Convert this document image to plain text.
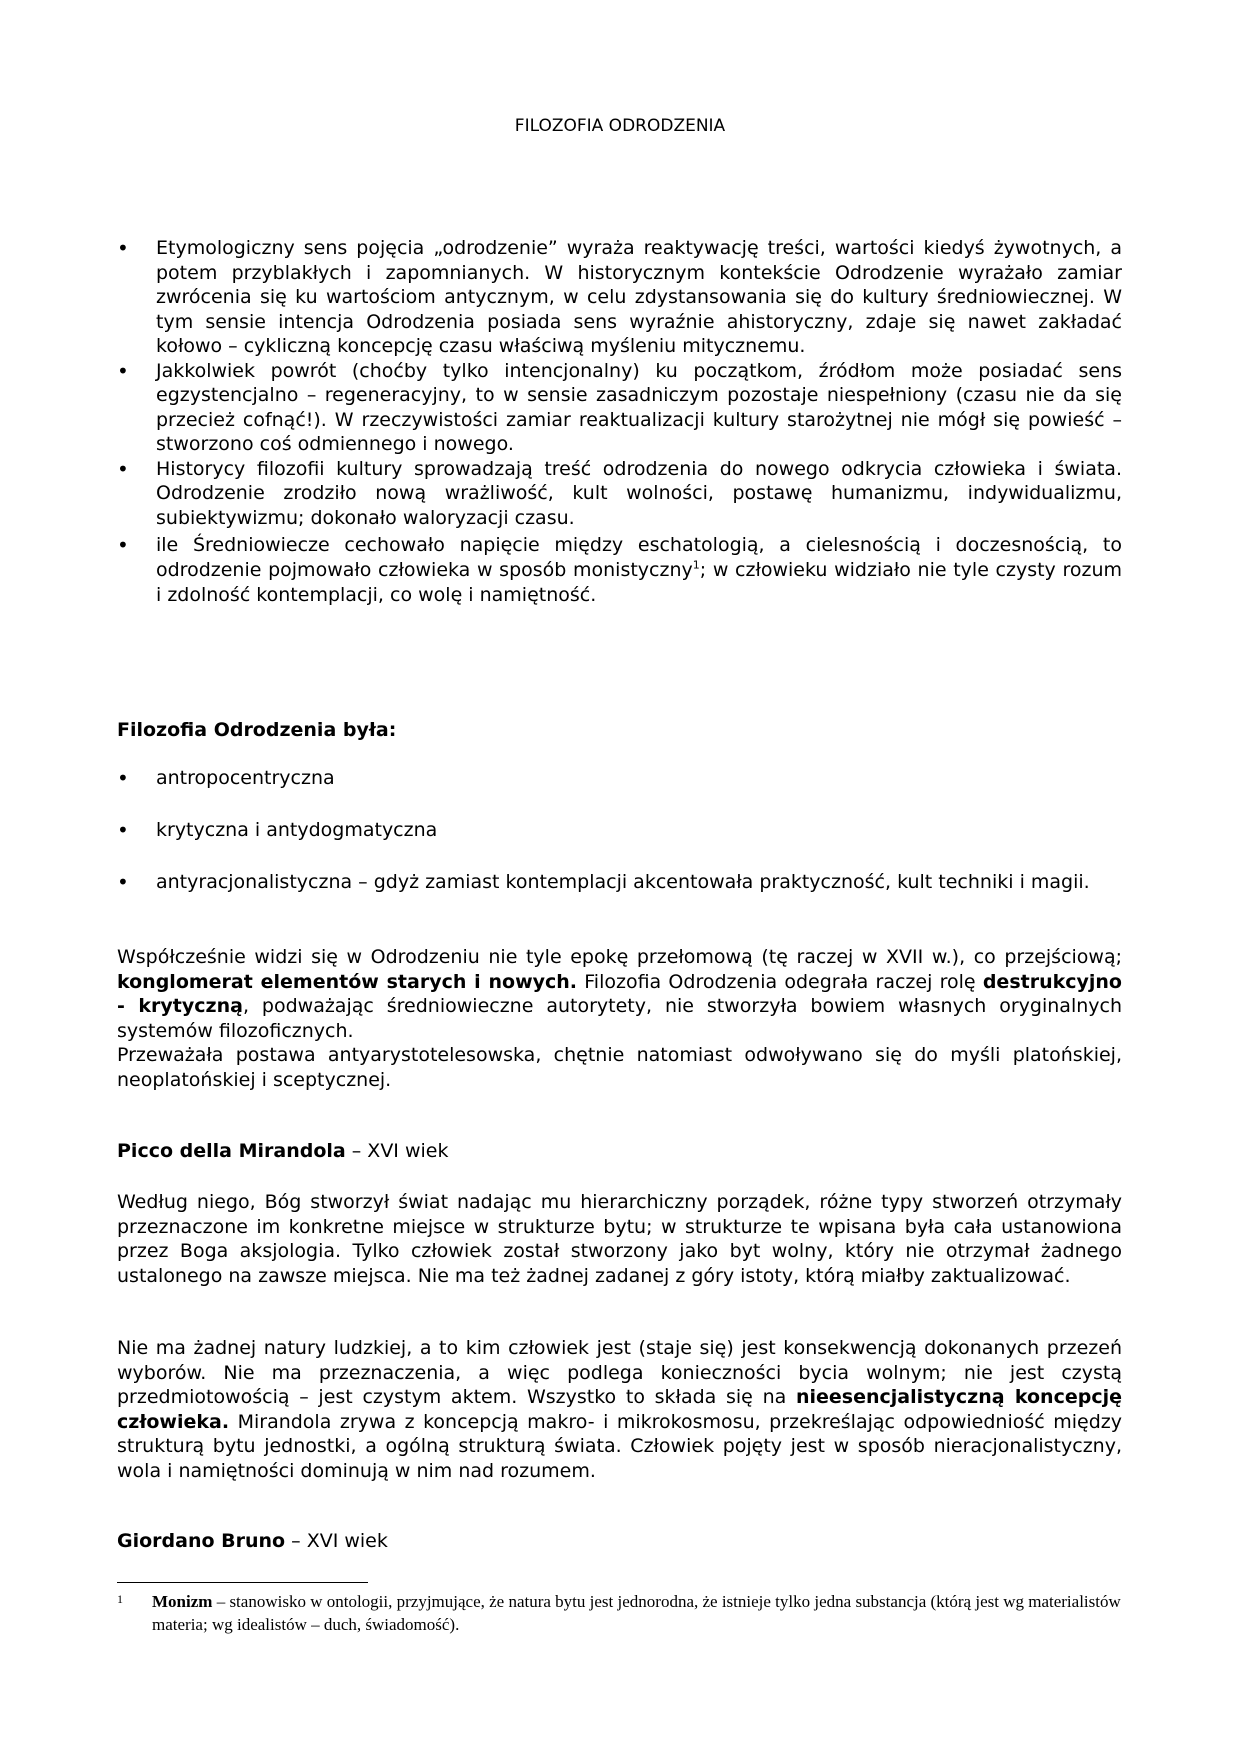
FILOZOFIA ODRODZENIA
• Etymologiczny sens pojęcia „odrodzenie” wyraża reaktywację treści, wartości kiedyś żywotnych, a potem przyblakłych i zapomnianych. W historycznym kontekście Odrodzenie wyrażało zamiar zwrócenia się ku wartościom antycznym, w celu zdystansowania się do kultury średniowiecznej. W tym sensie intencja Odrodzenia posiada sens wyraźnie ahistoryczny, zdaje się nawet zakładać kołowo – cykliczną koncepcję czasu właściwą myśleniu mitycznemu.
• Jakkolwiek powrót (choćby tylko intencjonalny) ku początkom, źródłom może posiadać sens egzystencjalno – regeneracyjny, to w sensie zasadniczym pozostaje niespełniony (czasu nie da się przecież cofnąć!). W rzeczywistości zamiar reaktualizacji kultury starożytnej nie mógł się powieść – stworzono coś odmiennego i nowego.
• Historycy filozofii kultury sprowadzają treść odrodzenia do nowego odkrycia człowieka i świata. Odrodzenie zrodziło nową wrażliwość, kult wolności, postawę humanizmu, indywidualizmu, subiektywizmu; dokonało waloryzacji czasu.
• ile Średniowiecze cechowało napięcie między eschatologią, a cielesnością i doczesnością, to odrodzenie pojmowało człowieka w sposób monistyczny$^1$; w człowieku widziało nie tyle czysty rozum i zdolność kontemplacji, co wolę i namiętność.
Filozofia Odrodzenia była:
• antropocentryczna
• krytyczna i antydogmatyczna
• antyracjonalistyczna – gdyż zamiast kontemplacji akcentowała praktyczność, kult techniki i magii.
Współcześnie widzi się w Odrodzeniu nie tyle epokę przełomową (tę raczej w XVII w.), co przejściową; konglomerat elementów starych i nowych. Filozofia Odrodzenia odegrała raczej rolę destrukcyjno - krytyczną, podważając średniowieczne autorytety, nie stworzyła bowiem własnych oryginalnych systemów filozoficznych.
Przeważała postawa antyarystotelesowska, chętnie natomiast odwoływano się do myśli platońskiej, neoplatońskiej i sceptycznej.
Picco della Mirandola – XVI wiek
Według niego, Bóg stworzył świat nadając mu hierarchiczny porządek, różne typy stworzeń otrzymały przeznaczone im konkretne miejsce w strukturze bytu; w strukturze te wpisana była cała ustanowiona przez Boga aksjologia. Tylko człowiek został stworzony jako byt wolny, który nie otrzymał żadnego ustalonego na zawsze miejsca. Nie ma też żadnej zadanej z góry istoty, którą miałby zaktualizować.
Nie ma żadnej natury ludzkiej, a to kim człowiek jest (staje się) jest konsekwencją dokonanych przezeń wyborów. Nie ma przeznaczenia, a więc podlega konieczności bycia wolnym; nie jest czystą przedmiotowością – jest czystym aktem. Wszystko to składa się na nieesencjalistyczną koncepcję człowieka. Mirandola zrywa z koncepcją makro- i mikrokosmosu, przekreślając odpowiedniość między strukturą bytu jednostki, a ogólną strukturą świata. Człowiek pojęty jest w sposób nieracjonalistyczny, wola i namiętności dominują w nim nad rozumem.
Giordano Bruno – XVI wiek
1	Monizm – stanowisko w ontologii, przyjmujące, że natura bytu jest jednorodna, że istnieje tylko jedna substancja (którą jest wg materialistów materia; wg idealistów – duch, świadomość).
